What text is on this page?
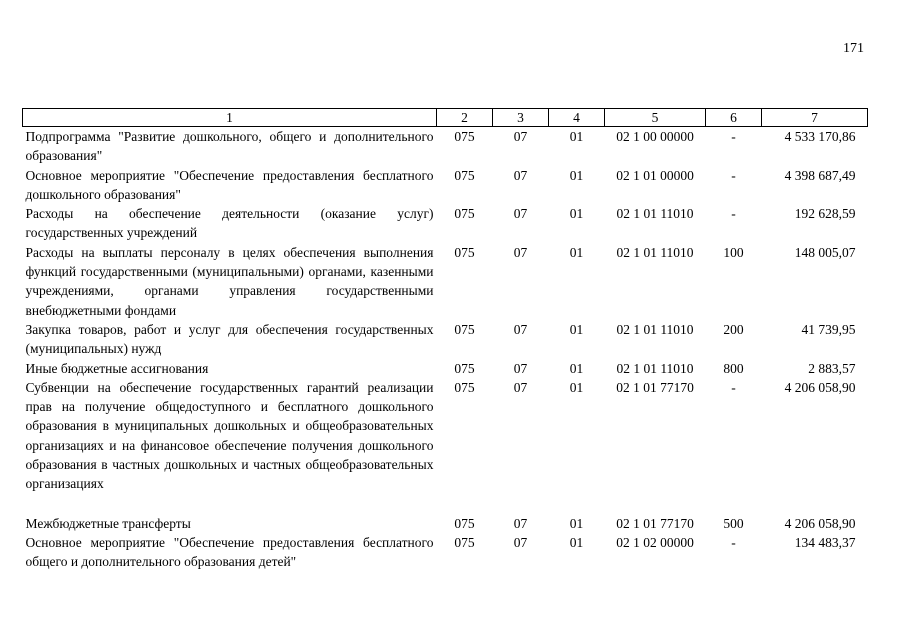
171
1	2	3	4	5	6	7
Подпрограмма "Развитие дошкольного, общего и дополнительного образования"	075	07	01	02 1 00 00000	-	4 533 170,86
Основное мероприятие "Обеспечение предоставления бесплатного дошкольного образования"	075	07	01	02 1 01 00000	-	4 398 687,49
Расходы на обеспечение деятельности (оказание услуг) государственных учреждений	075	07	01	02 1 01 11010	-	192 628,59
Расходы на выплаты персоналу в целях обеспечения выполнения функций государственными (муниципальными) органами, казенными учреждениями, органами управления государственными внебюджетными фондами	075	07	01	02 1 01 11010	100	148 005,07
Закупка товаров, работ и услуг для обеспечения государственных (муниципальных) нужд	075	07	01	02 1 01 11010	200	41 739,95
Иные бюджетные ассигнования	075	07	01	02 1 01 11010	800	2 883,57
Субвенции на обеспечение государственных гарантий реализации прав на получение общедоступного и бесплатного дошкольного образования в муниципальных дошкольных и общеобразовательных организациях и на финансовое обеспечение получения дошкольного образования в частных дошкольных и частных общеобразовательных организациях	075	07	01	02 1 01 77170	-	4 206 058,90

Межбюджетные трансферты	075	07	01	02 1 01 77170	500	4 206 058,90
Основное мероприятие "Обеспечение предоставления бесплатного общего и дополнительного образования детей"	075	07	01	02 1 02 00000	-	134 483,37
